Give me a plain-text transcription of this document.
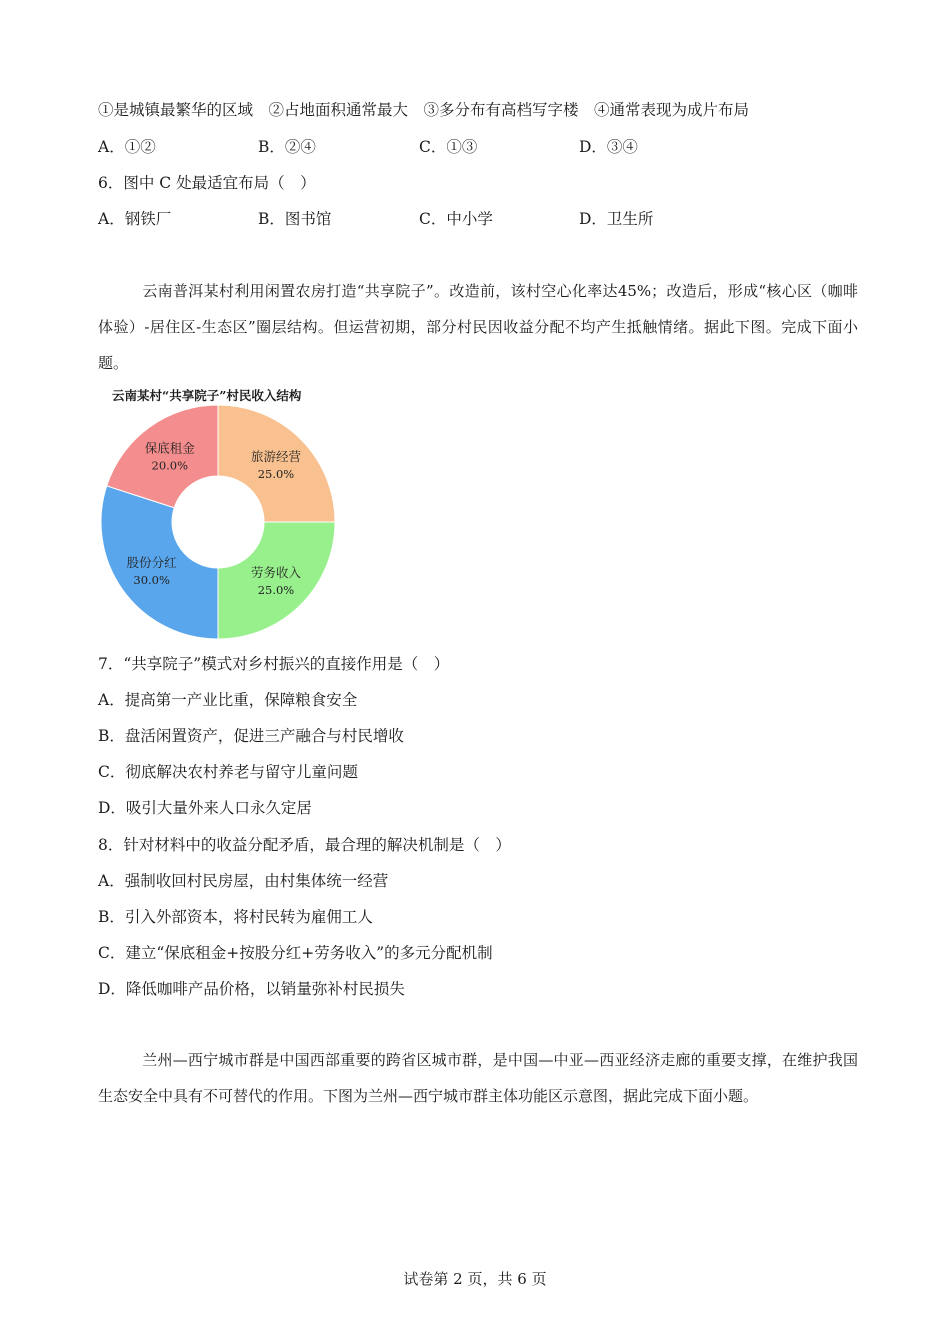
①是城镇最繁华的区域　②占地面积通常最大　③多分布有高档写字楼　④通常表现为成片布局
A．①②	B．②④	C．①③	D．③④
6．图中 C 处最适宜布局（　）
A．钢铁厂	B．图书馆	C．中小学	D．卫生所
云南普洱某村利用闲置农房打造“共享院子”。改造前，该村空心化率达45%；改造后，形成“核心区（咖啡体验）-居住区-生态区”圈层结构。但运营初期，部分村民因收益分配不均产生抵触情绪。据此下图。完成下面小题。
云南某村“共享院子”村民收入结构
旅游经营
25.0%
劳务收入
25.0%
股份分红
30.0%
保底租金
20.0%
7．“共享院子”模式对乡村振兴的直接作用是（　）
A．提高第一产业比重，保障粮食安全
B．盘活闲置资产，促进三产融合与村民增收
C．彻底解决农村养老与留守儿童问题
D．吸引大量外来人口永久定居
8．针对材料中的收益分配矛盾，最合理的解决机制是（　）
A．强制收回村民房屋，由村集体统一经营
B．引入外部资本，将村民转为雇佣工人
C．建立“保底租金+按股分红+劳务收入”的多元分配机制
D．降低咖啡产品价格，以销量弥补村民损失
兰州—西宁城市群是中国西部重要的跨省区城市群，是中国—中亚—西亚经济走廊的重要支撑，在维护我国生态安全中具有不可替代的作用。下图为兰州—西宁城市群主体功能区示意图，据此完成下面小题。
试卷第 2 页，共 6 页
